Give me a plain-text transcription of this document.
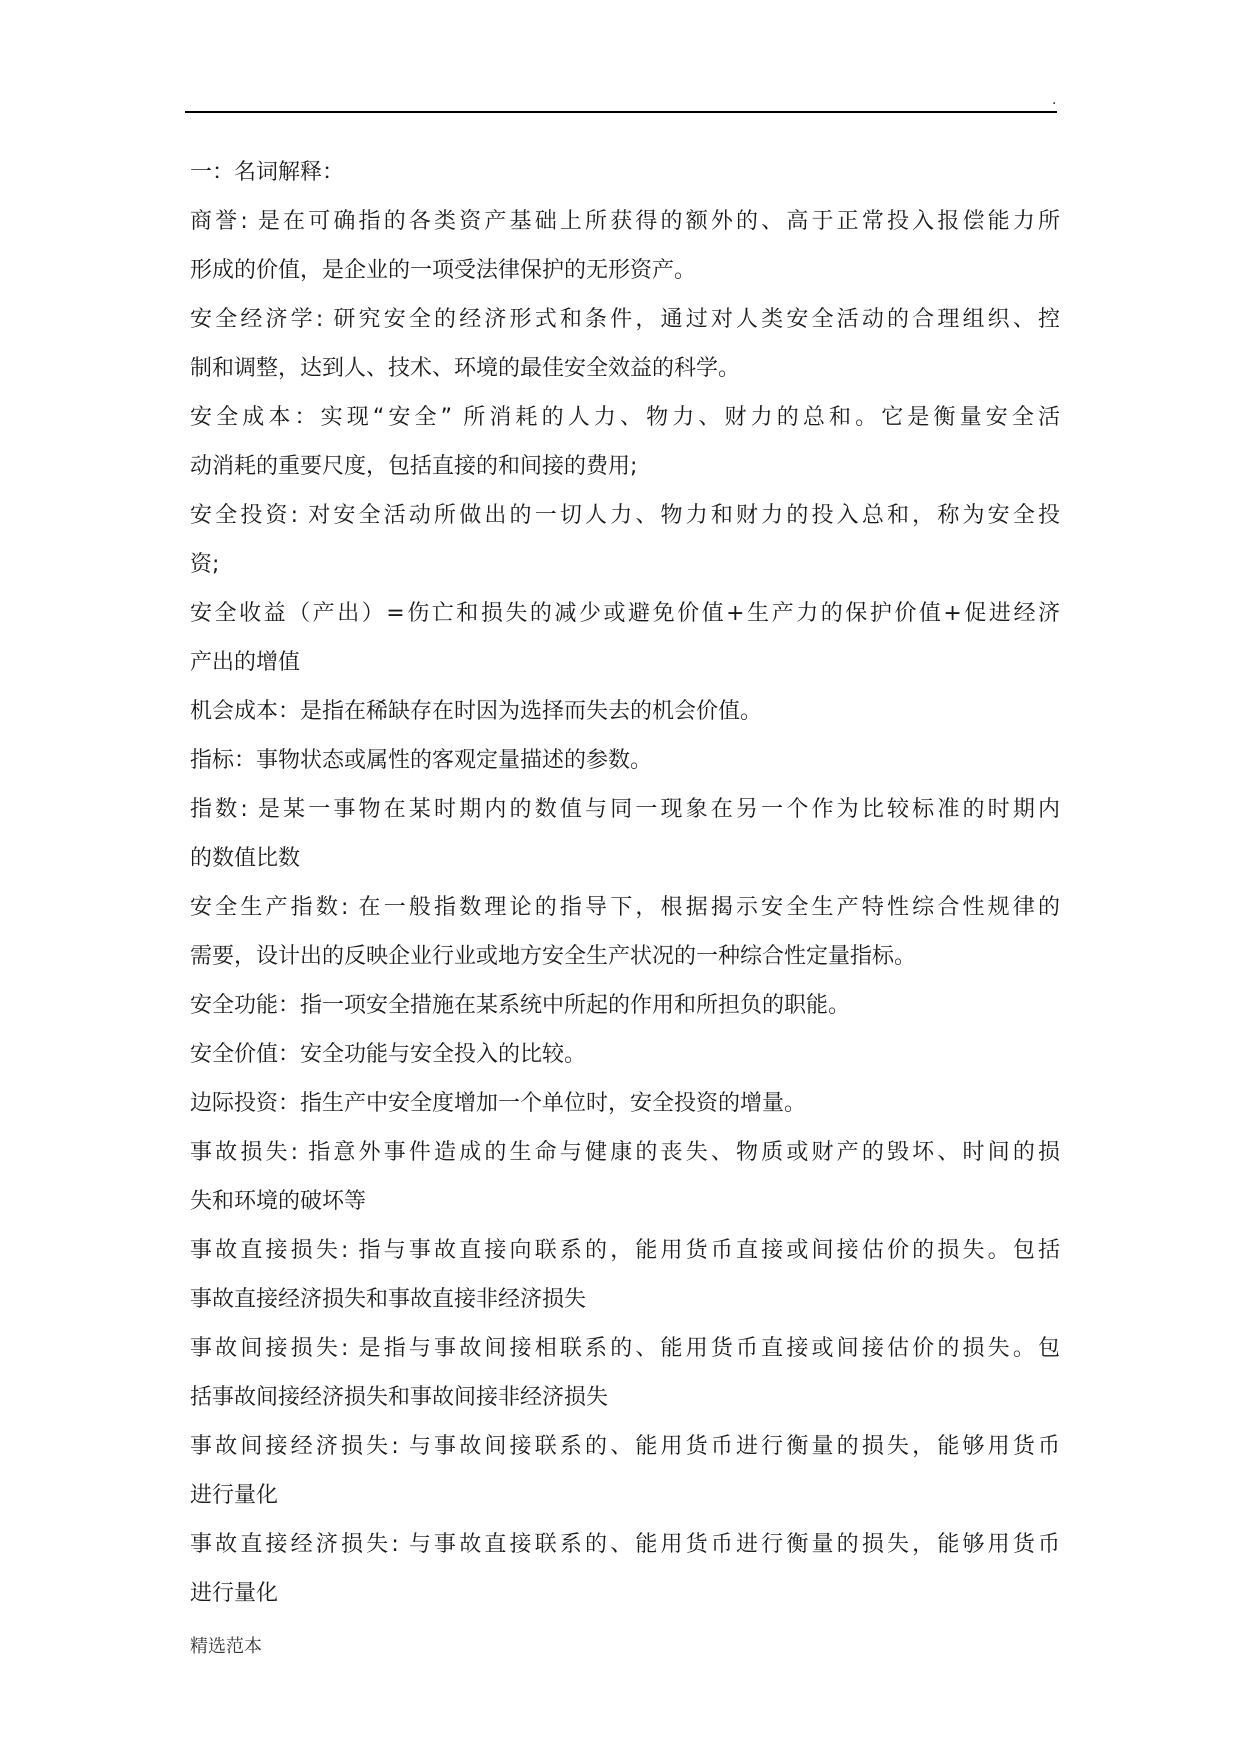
.
一：名词解释：

商誉: 是在可确指的各类资产基础上所获得的额外的、高于正常投入报偿能力所
形成的价值，是企业的一项受法律保护的无形资产。

安全经济学: 研究安全的经济形式和条件，通过对人类安全活动的合理组织、控
制和调整，达到人、技术、环境的最佳安全效益的科学。

安全成本：实现“安全” 所消耗的人力、物力、财力的总和。它是衡量安全活
动消耗的重要尺度，包括直接的和间接的费用;

安全投资: 对安全活动所做出的一切人力、物力和财力的投入总和，称为安全投
资;

安全收益（产出）=伤亡和损失的减少或避免价值+生产力的保护价值+促进经济
产出的增值

机会成本：是指在稀缺存在时因为选择而失去的机会价值。

指标：事物状态或属性的客观定量描述的参数。

指数: 是某一事物在某时期内的数值与同一现象在另一个作为比较标准的时期内
的数值比数

安全生产指数: 在一般指数理论的指导下，根据揭示安全生产特性综合性规律的
需要，设计出的反映企业行业或地方安全生产状况的一种综合性定量指标。

安全功能：指一项安全措施在某系统中所起的作用和所担负的职能。

安全价值：安全功能与安全投入的比较。

边际投资：指生产中安全度增加一个单位时，安全投资的增量。

事故损失: 指意外事件造成的生命与健康的丧失、物质或财产的毁坏、时间的损
失和环境的破坏等

事故直接损失: 指与事故直接向联系的，能用货币直接或间接估价的损失。包括
事故直接经济损失和事故直接非经济损失

事故间接损失: 是指与事故间接相联系的、能用货币直接或间接估价的损失。包
括事故间接经济损失和事故间接非经济损失

事故间接经济损失: 与事故间接联系的、能用货币进行衡量的损失，能够用货币
进行量化

事故直接经济损失: 与事故直接联系的、能用货币进行衡量的损失，能够用货币
进行量化

精选范本
